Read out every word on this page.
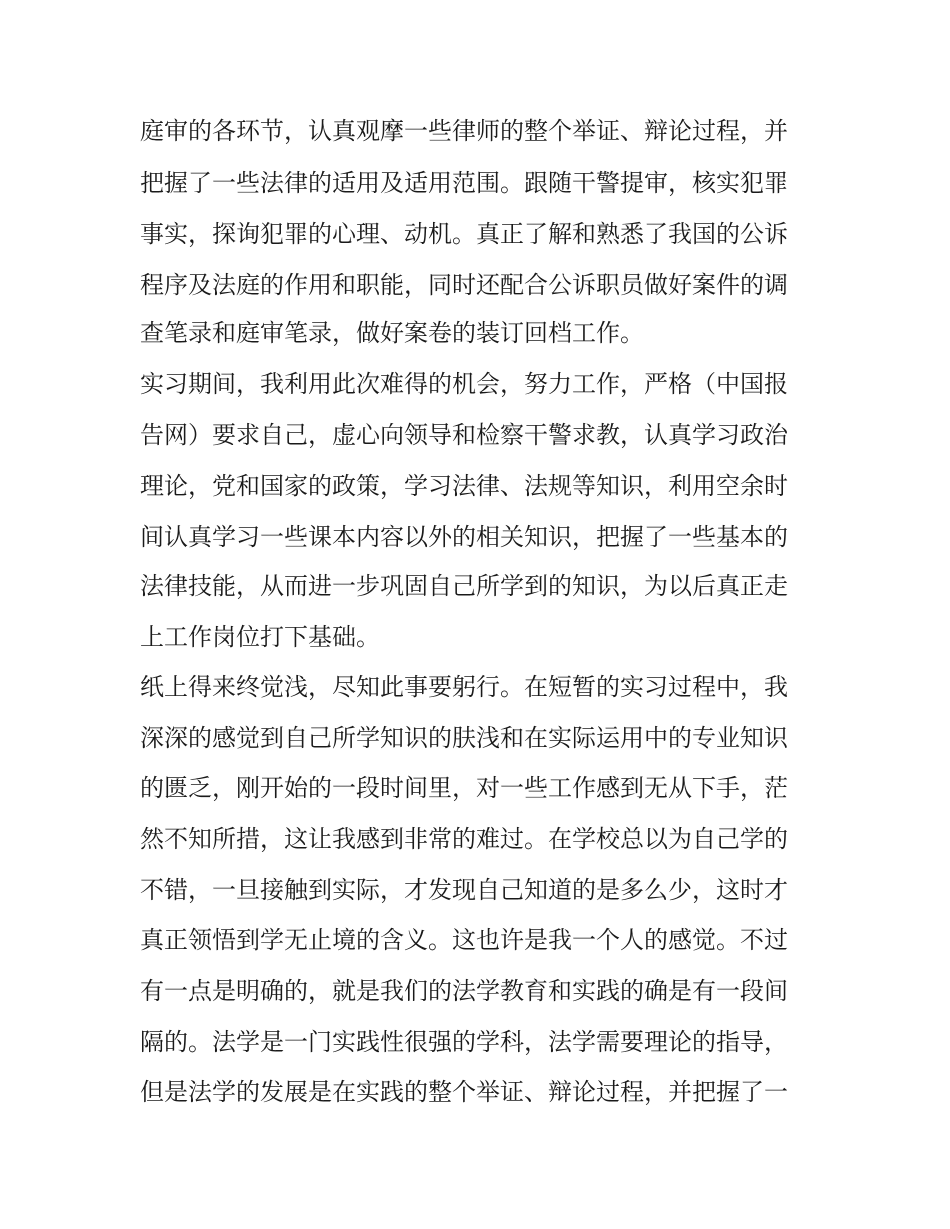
庭审的各环节，认真观摩一些律师的整个举证、辩论过程，并
把握了一些法律的适用及适用范围。跟随干警提审，核实犯罪
事实，探询犯罪的心理、动机。真正了解和熟悉了我国的公诉
程序及法庭的作用和职能，同时还配合公诉职员做好案件的调
查笔录和庭审笔录，做好案卷的装订回档工作。
实习期间，我利用此次难得的机会，努力工作，严格（中国报
告网）要求自己，虚心向领导和检察干警求教，认真学习政治
理论，党和国家的政策，学习法律、法规等知识，利用空余时
间认真学习一些课本内容以外的相关知识，把握了一些基本的
法律技能，从而进一步巩固自己所学到的知识，为以后真正走
上工作岗位打下基础。
纸上得来终觉浅，尽知此事要躬行。在短暂的实习过程中，我
深深的感觉到自己所学知识的肤浅和在实际运用中的专业知识
的匮乏，刚开始的一段时间里，对一些工作感到无从下手，茫
然不知所措，这让我感到非常的难过。在学校总以为自己学的
不错，一旦接触到实际，才发现自己知道的是多么少，这时才
真正领悟到学无止境的含义。这也许是我一个人的感觉。不过
有一点是明确的，就是我们的法学教育和实践的确是有一段间
隔的。法学是一门实践性很强的学科，法学需要理论的指导，
但是法学的发展是在实践的整个举证、辩论过程，并把握了一
